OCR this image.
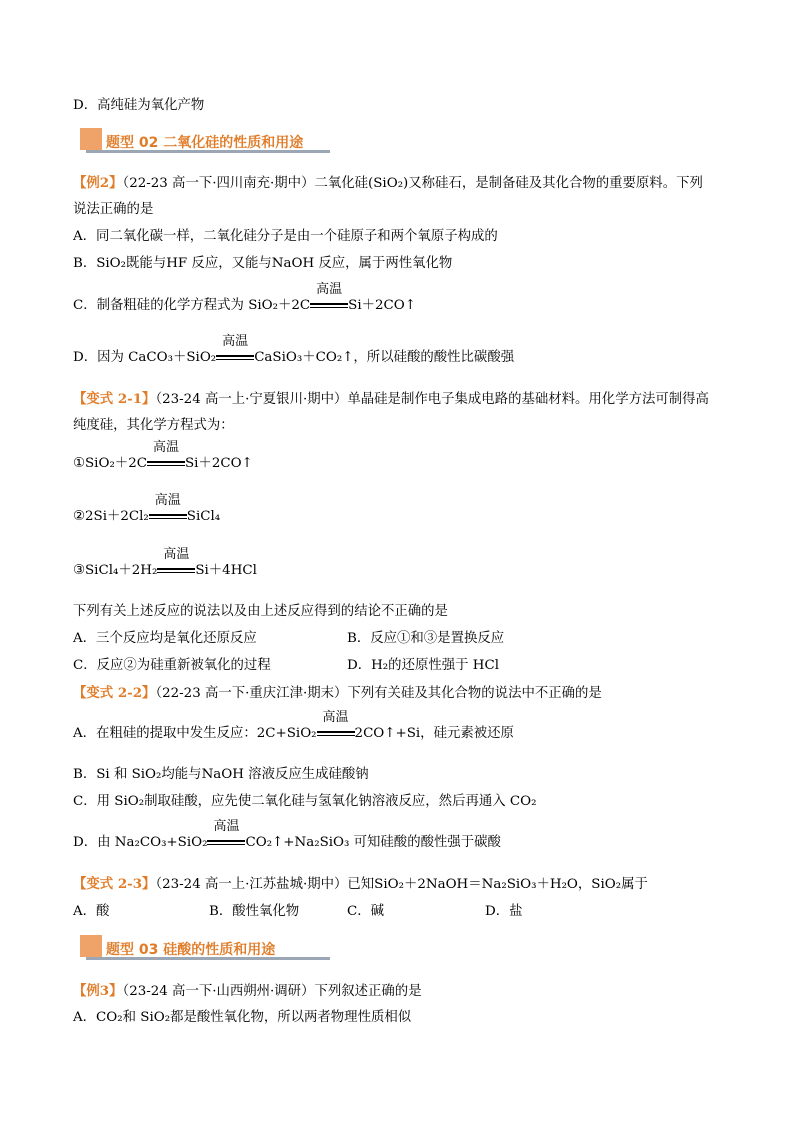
D．高纯硅为氧化产物
题型 02 二氧化硅的性质和用途
【例2】（22-23 高一下·四川南充·期中）二氧化硅(SiO₂)又称硅石，是制备硅及其化合物的重要原料。下列
说法正确的是
A．同二氧化碳一样，二氧化硅分子是由一个硅原子和两个氧原子构成的
B．SiO₂既能与HF 反应，又能与NaOH 反应，属于两性氧化物
C．制备粗硅的化学方程式为 SiO₂＋2C
高温
Si＋2CO↑
D．因为 CaCO₃＋SiO₂
高温
CaSiO₃＋CO₂↑，所以硅酸的酸性比碳酸强
【变式 2-1】（23-24 高一上·宁夏银川·期中）单晶硅是制作电子集成电路的基础材料。用化学方法可制得高
纯度硅，其化学方程式为：
①SiO₂＋2C
高温
Si＋2CO↑
②2Si＋2Cl₂
高温
SiCl₄
③SiCl₄＋2H₂
高温
Si＋4HCl
下列有关上述反应的说法以及由上述反应得到的结论不正确的是
A．三个反应均是氧化还原反应	B．反应①和③是置换反应
C．反应②为硅重新被氧化的过程	D．H₂的还原性强于 HCl
【变式 2-2】（22-23 高一下·重庆江津·期末）下列有关硅及其化合物的说法中不正确的是
A．在粗硅的提取中发生反应：2C+SiO₂
高温
2CO↑+Si，硅元素被还原
B．Si 和 SiO₂均能与NaOH 溶液反应生成硅酸钠
C．用 SiO₂制取硅酸，应先使二氧化硅与氢氧化钠溶液反应，然后再通入 CO₂
D．由 Na₂CO₃+SiO₂
高温
CO₂↑+Na₂SiO₃ 可知硅酸的酸性强于碳酸
【变式 2-3】（23-24 高一上·江苏盐城·期中）已知SiO₂＋2NaOH＝Na₂SiO₃＋H₂O，SiO₂属于
A．酸	B．酸性氧化物	C．碱	D．盐
题型 03 硅酸的性质和用途
【例3】（23-24 高一下·山西朔州·调研）下列叙述正确的是
A．CO₂和 SiO₂都是酸性氧化物，所以两者物理性质相似
